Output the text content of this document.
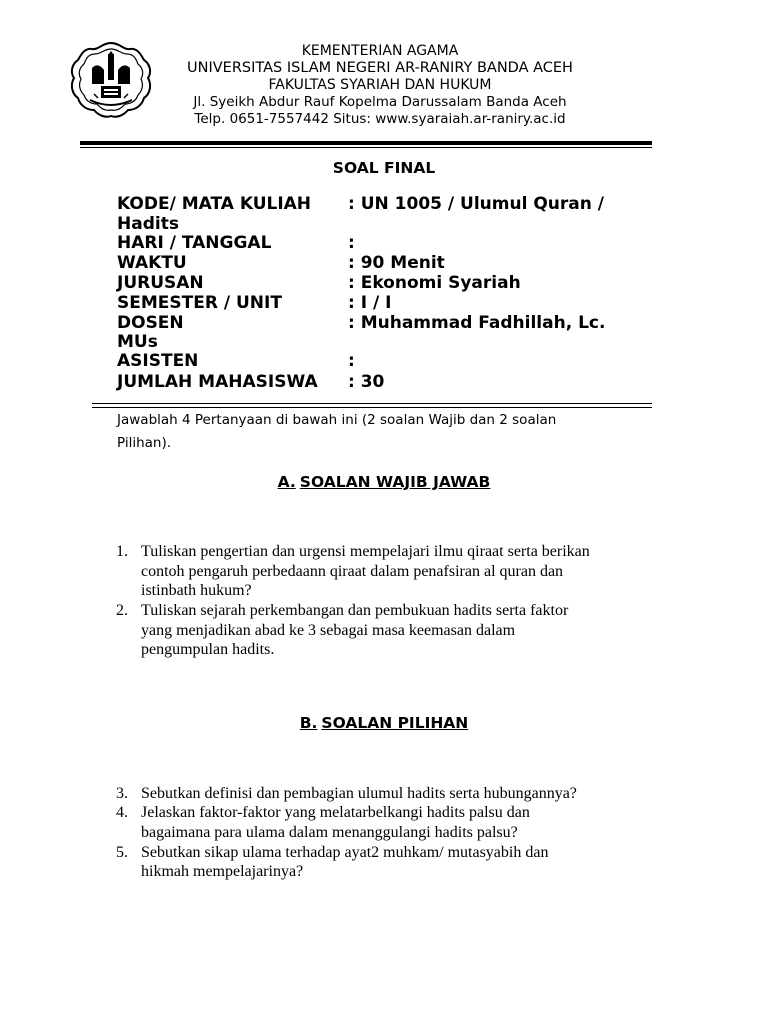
KEMENTERIAN AGAMA
UNIVERSITAS ISLAM NEGERI AR-RANIRY BANDA ACEH
FAKULTAS SYARIAH DAN HUKUM
Jl. Syeikh Abdur Rauf Kopelma Darussalam Banda Aceh
Telp. 0651-7557442 Situs: www.syaraiah.ar-raniry.ac.id
SOAL FINAL
KODE/ MATA KULIAH : UN 1005 / Ulumul Quran /
Hadits
HARI / TANGGAL	:
WAKTU	: 90 Menit
JURUSAN	: Ekonomi Syariah
SEMESTER / UNIT	: I / I
DOSEN	: Muhammad Fadhillah, Lc.
MUs
ASISTEN	:
JUMLAH MAHASISWA : 30
Jawablah 4 Pertanyaan di bawah ini (2 soalan Wajib dan 2 soalan
Pilihan).
A. SOALAN WAJIB JAWAB
1. Tuliskan pengertian dan urgensi mempelajari ilmu qiraat serta berikan
contoh pengaruh perbedaann qiraat dalam penafsiran al quran dan
istinbath hukum?
2. Tuliskan sejarah perkembangan dan pembukuan hadits serta faktor
yang menjadikan abad ke 3 sebagai masa keemasan dalam
pengumpulan hadits.
B. SOALAN PILIHAN
3. Sebutkan definisi dan pembagian ulumul hadits serta hubungannya?
4. Jelaskan faktor-faktor yang melatarbelkangi hadits palsu dan
bagaimana para ulama dalam menanggulangi hadits palsu?
5. Sebutkan sikap ulama terhadap ayat2 muhkam/ mutasyabih dan
hikmah mempelajarinya?
